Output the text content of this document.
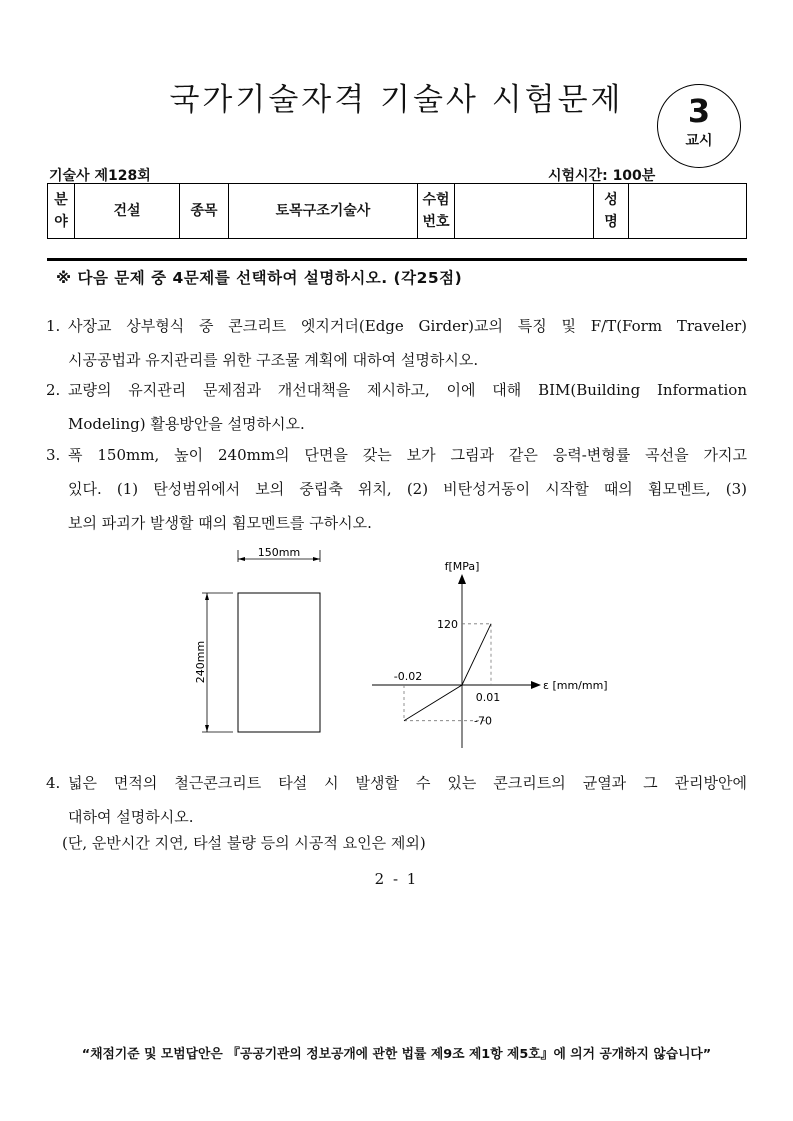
국가기술자격 기술사 시험문제	3
교시
기술사 제128회	시험시간: 100분
분야	건설	종목	토목구조기술사	수험번호		성명	
※ 다음 문제 중 4문제를 선택하여 설명하시오. (각25점)
1. 사장교 상부형식 중 콘크리트 엣지거더(Edge Girder)교의 특징 및 F/T(Form Traveler)
시공공법과 유지관리를 위한 구조물 계획에 대하여 설명하시오.
2. 교량의 유지관리 문제점과 개선대책을 제시하고, 이에 대해 BIM(Building Information
Modeling) 활용방안을 설명하시오.
3. 폭 150mm, 높이 240mm의 단면을 갖는 보가 그림과 같은 응력-변형률 곡선을 가지고
있다. (1) 탄성범위에서 보의 중립축 위치, (2) 비탄성거동이 시작할 때의 휨모멘트, (3)
보의 파괴가 발생할 때의 휨모멘트를 구하시오.
150mm
240mm
f[MPa]
ε [mm/mm]
120
-70
0.01
-0.02
4. 넓은 면적의 철근콘크리트 타설 시 발생할 수 있는 콘크리트의 균열과 그 관리방안에
대하여 설명하시오.
(단, 운반시간 지연, 타설 불량 등의 시공적 요인은 제외)
2 - 1
“채점기준 및 모범답안은 『공공기관의 정보공개에 관한 법률 제9조 제1항 제5호』에 의거 공개하지 않습니다”
